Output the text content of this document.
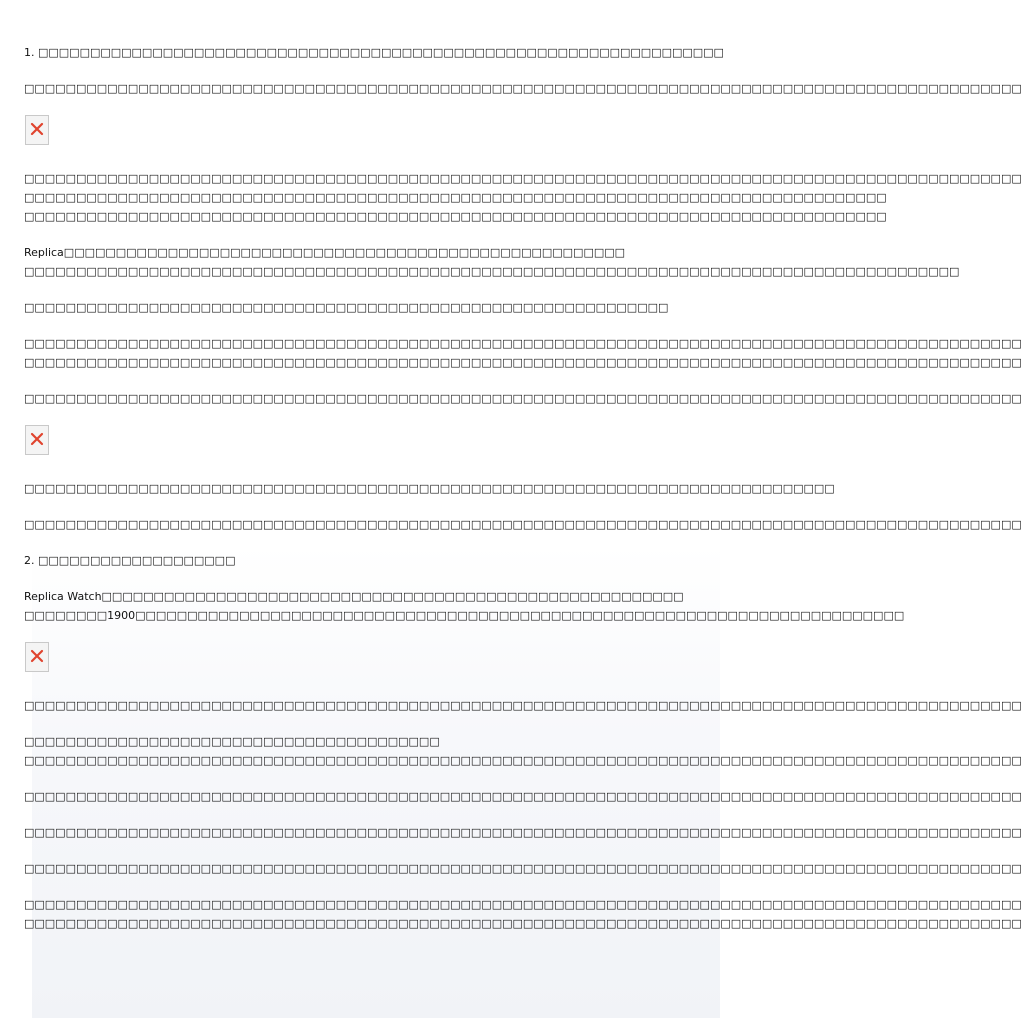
1. □□□□□□□□□□□□□□□□□□□□□□□□□□□□□□□□□□□□□□□□□□□□□□□□□□□□□□□□□□□□□□□□□□

□□□□□□□□□□□□□□□□□□□□□□□□□□□□□□□□□□□□□□□□□□□□□□□□□□□□□□□□□□□□□□□□□□□□□□□□□□□□□□□□□□□□□□□□□□□□□□□□

□□□□□□□□□□□□□□□□□□□□□□□□□□□□□□□□□□□□□□□□□□□□□□□□□□□□□□□□□□□□□□□□□□□□□□□□□□□□□□□□□□□□□□□□□□□□□□□□
□□□□□□□□□□□□□□□□□□□□□□□□□□□□□□□□□□□□□□□□□□□□□□□□□□□□□□□□□□□□□□□□□□□□□□□□□□□□□□□□□□□
□□□□□□□□□□□□□□□□□□□□□□□□□□□□□□□□□□□□□□□□□□□□□□□□□□□□□□□□□□□□□□□□□□□□□□□□□□□□□□□□□□□

Replica□□□□□□□□□□□□□□□□□□□□□□□□□□□□□□□□□□□□□□□□□□□□□□□□□□□□□□
□□□□□□□□□□□□□□□□□□□□□□□□□□□□□□□□□□□□□□□□□□□□□□□□□□□□□□□□□□□□□□□□□□□□□□□□□□□□□□□□□□□□□□□□□□

□□□□□□□□□□□□□□□□□□□□□□□□□□□□□□□□□□□□□□□□□□□□□□□□□□□□□□□□□□□□□□

□□□□□□□□□□□□□□□□□□□□□□□□□□□□□□□□□□□□□□□□□□□□□□□□□□□□□□□□□□□□□□□□□□□□□□□□□□□□□□□□□□□□□□□□□□□□□□□□
□□□□□□□□□□□□□□□□□□□□□□□□□□□□□□□□□□□□□□□□□□□□□□□□□□□□□□□□□□□□□□□□□□□□□□□□□□□□□□□□□□□□□□□□□□□□□□□□

□□□□□□□□□□□□□□□□□□□□□□□□□□□□□□□□□□□□□□□□□□□□□□□□□□□□□□□□□□□□□□□□□□□□□□□□□□□□□□□□□□□□□□□□□□□□□□□□

□□□□□□□□□□□□□□□□□□□□□□□□□□□□□□□□□□□□□□□□□□□□□□□□□□□□□□□□□□□□□□□□□□□□□□□□□□□□□□

□□□□□□□□□□□□□□□□□□□□□□□□□□□□□□□□□□□□□□□□□□□□□□□□□□□□□□□□□□□□□□□□□□□□□□□□□□□□□□□□□□□□□□□□□□□□□□□□

2. □□□□□□□□□□□□□□□□□□□

Replica Watch□□□□□□□□□□□□□□□□□□□□□□□□□□□□□□□□□□□□□□□□□□□□□□□□□□□□□□□□
□□□□□□□□1900□□□□□□□□□□□□□□□□□□□□□□□□□□□□□□□□□□□□□□□□□□□□□□□□□□□□□□□□□□□□□□□□□□□□□□□□□□

□□□□□□□□□□□□□□□□□□□□□□□□□□□□□□□□□□□□□□□□□□□□□□□□□□□□□□□□□□□□□□□□□□□□□□□□□□□□□□□□□□□□□□□□□□□□□□□□

□□□□□□□□□□□□□□□□□□□□□□□□□□□□□□□□□□□□□□□□
□□□□□□□□□□□□□□□□□□□□□□□□□□□□□□□□□□□□□□□□□□□□□□□□□□□□□□□□□□□□□□□□□□□□□□□□□□□□□□□□□□□□□□□□□□□□□□□□

□□□□□□□□□□□□□□□□□□□□□□□□□□□□□□□□□□□□□□□□□□□□□□□□□□□□□□□□□□□□□□□□□□□□□□□□□□□□□□□□□□□□□□□□□□□□□□□□

□□□□□□□□□□□□□□□□□□□□□□□□□□□□□□□□□□□□□□□□□□□□□□□□□□□□□□□□□□□□□□□□□□□□□□□□□□□□□□□□□□□□□□□□□□□□□□□□

□□□□□□□□□□□□□□□□□□□□□□□□□□□□□□□□□□□□□□□□□□□□□□□□□□□□□□□□□□□□□□□□□□□□□□□□□□□□□□□□□□□□□□□□□□□□□□□□

□□□□□□□□□□□□□□□□□□□□□□□□□□□□□□□□□□□□□□□□□□□□□□□□□□□□□□□□□□□□□□□□□□□□□□□□□□□□□□□□□□□□□□□□□□□□□□□□
□□□□□□□□□□□□□□□□□□□□□□□□□□□□□□□□□□□□□□□□□□□□□□□□□□□□□□□□□□□□□□□□□□□□□□□□□□□□□□□□□□□□□□□□□□□□□□□□
